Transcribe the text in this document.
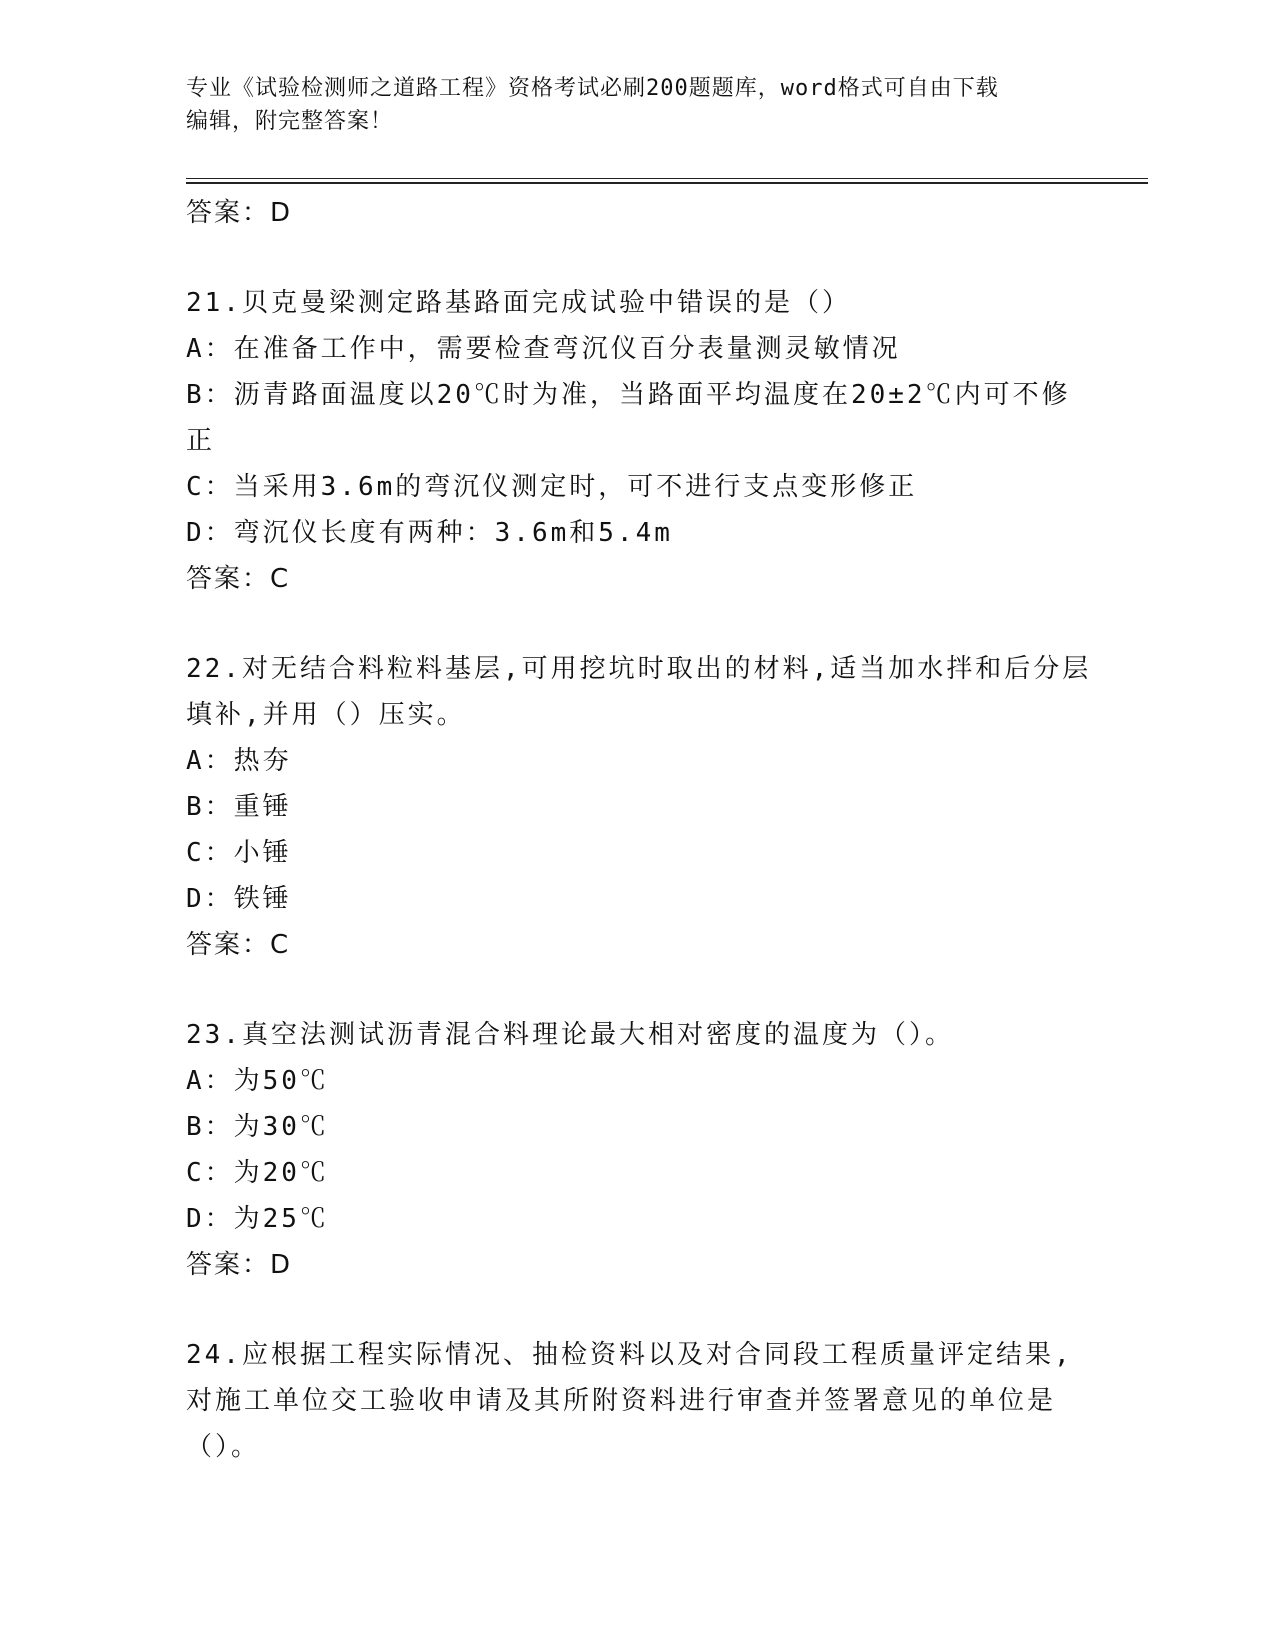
专业《试验检测师之道路工程》资格考试必刷200题题库，word格式可自由下载
编辑，附完整答案！
答案：D
21.贝克曼梁测定路基路面完成试验中错误的是（）
A：在准备工作中，需要检查弯沉仪百分表量测灵敏情况
B：沥青路面温度以20℃时为准，当路面平均温度在20±2℃内可不修
正
C：当采用3.6m的弯沉仪测定时，可不进行支点变形修正
D：弯沉仪长度有两种：3.6m和5.4m
答案：C
22.对无结合料粒料基层,可用挖坑时取出的材料,适当加水拌和后分层
填补,并用（）压实。
A：热夯
B：重锤
C：小锤
D：铁锤
答案：C
23.真空法测试沥青混合料理论最大相对密度的温度为（）。
A：为50℃
B：为30℃
C：为20℃
D：为25℃
答案：D
24.应根据工程实际情况、抽检资料以及对合同段工程质量评定结果,
对施工单位交工验收申请及其所附资料进行审查并签署意见的单位是
（）。
